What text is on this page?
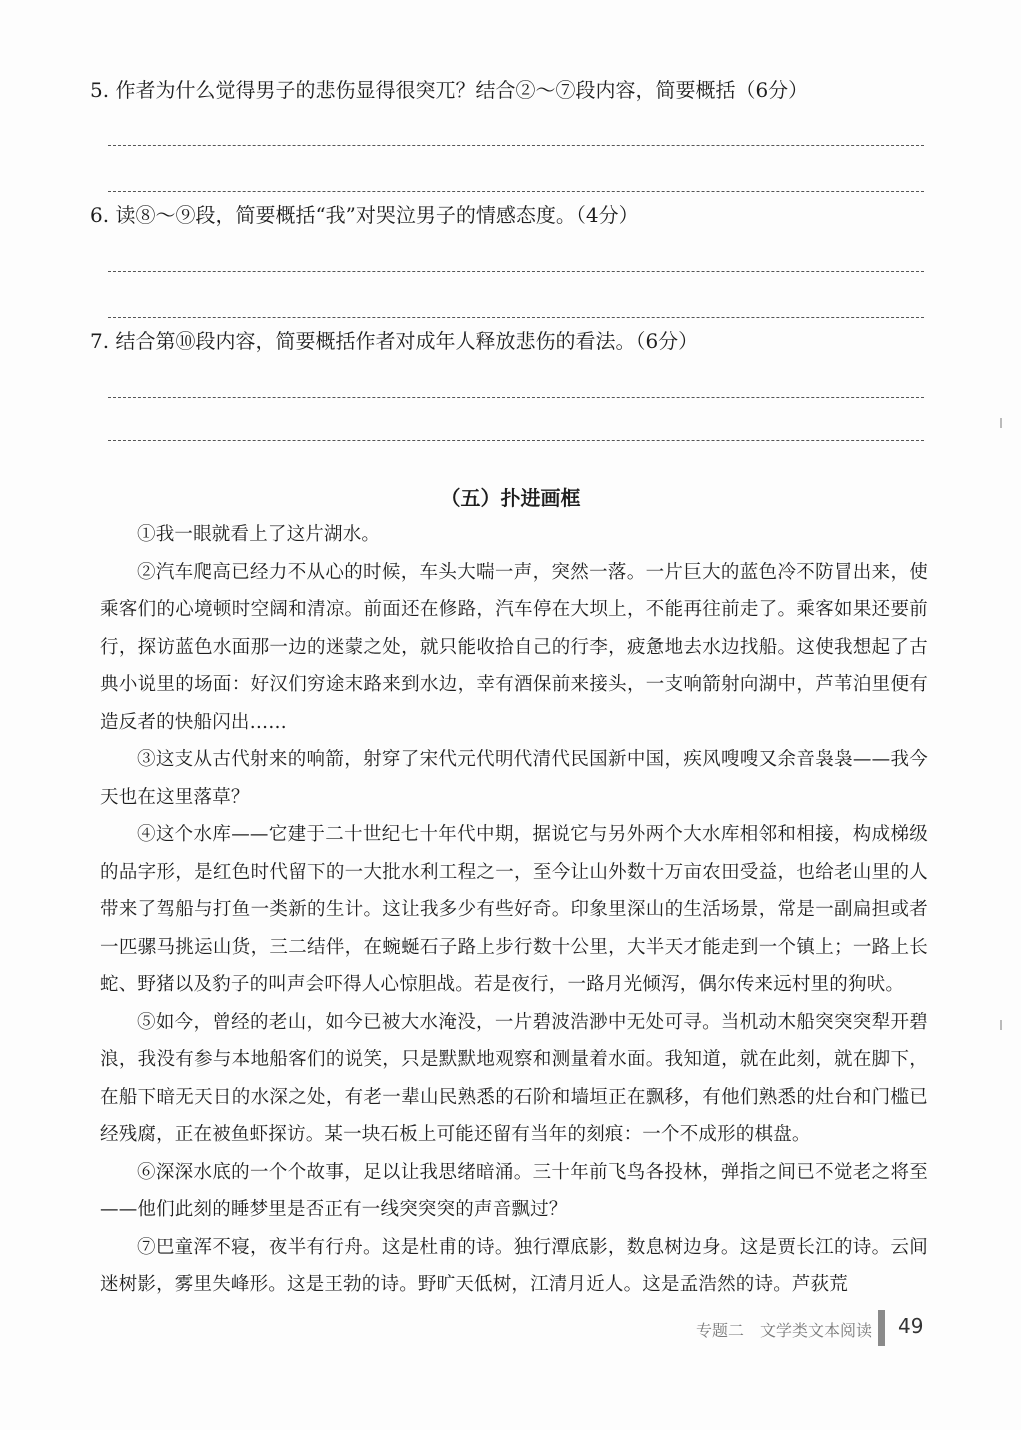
5. 作者为什么觉得男子的悲伤显得很突兀？结合②～⑦段内容，简要概括（6分）
6. 读⑧～⑨段，简要概括“我”对哭泣男子的情感态度。（4分）
7. 结合第⑩段内容，简要概括作者对成年人释放悲伤的看法。（6分）
（五）扑进画框

①我一眼就看上了这片湖水。

②汽车爬高已经力不从心的时候，车头大喘一声，突然一落。一片巨大的蓝色冷不防冒出来，使乘客们的心境顿时空阔和清凉。前面还在修路，汽车停在大坝上，不能再往前走了。乘客如果还要前行，探访蓝色水面那一边的迷蒙之处，就只能收拾自己的行李，疲惫地去水边找船。这使我想起了古典小说里的场面：好汉们穷途末路来到水边，幸有酒保前来接头，一支响箭射向湖中，芦苇泊里便有造反者的快船闪出……

③这支从古代射来的响箭，射穿了宋代元代明代清代民国新中国，疾风嗖嗖又余音袅袅——我今天也在这里落草？

④这个水库——它建于二十世纪七十年代中期，据说它与另外两个大水库相邻和相接，构成梯级的品字形，是红色时代留下的一大批水利工程之一，至今让山外数十万亩农田受益，也给老山里的人带来了驾船与打鱼一类新的生计。这让我多少有些好奇。印象里深山的生活场景，常是一副扁担或者一匹骡马挑运山货，三二结伴，在蜿蜒石子路上步行数十公里，大半天才能走到一个镇上；一路上长蛇、野猪以及豹子的叫声会吓得人心惊胆战。若是夜行，一路月光倾泻，偶尔传来远村里的狗吠。

⑤如今，曾经的老山，如今已被大水淹没，一片碧波浩渺中无处可寻。当机动木船突突突犁开碧浪，我没有参与本地船客们的说笑，只是默默地观察和测量着水面。我知道，就在此刻，就在脚下，在船下暗无天日的水深之处，有老一辈山民熟悉的石阶和墙垣正在飘移，有他们熟悉的灶台和门槛已经残腐，正在被鱼虾探访。某一块石板上可能还留有当年的刻痕：一个不成形的棋盘。

⑥深深水底的一个个故事，足以让我思绪暗涌。三十年前飞鸟各投林，弹指之间已不觉老之将至——他们此刻的睡梦里是否正有一线突突突的声音飘过？

⑦巴童浑不寝，夜半有行舟。这是杜甫的诗。独行潭底影，数息树边身。这是贾长江的诗。云间迷树影，雾里失峰形。这是王勃的诗。野旷天低树，江清月近人。这是孟浩然的诗。芦荻荒

专题二　文学类文本阅读 49
